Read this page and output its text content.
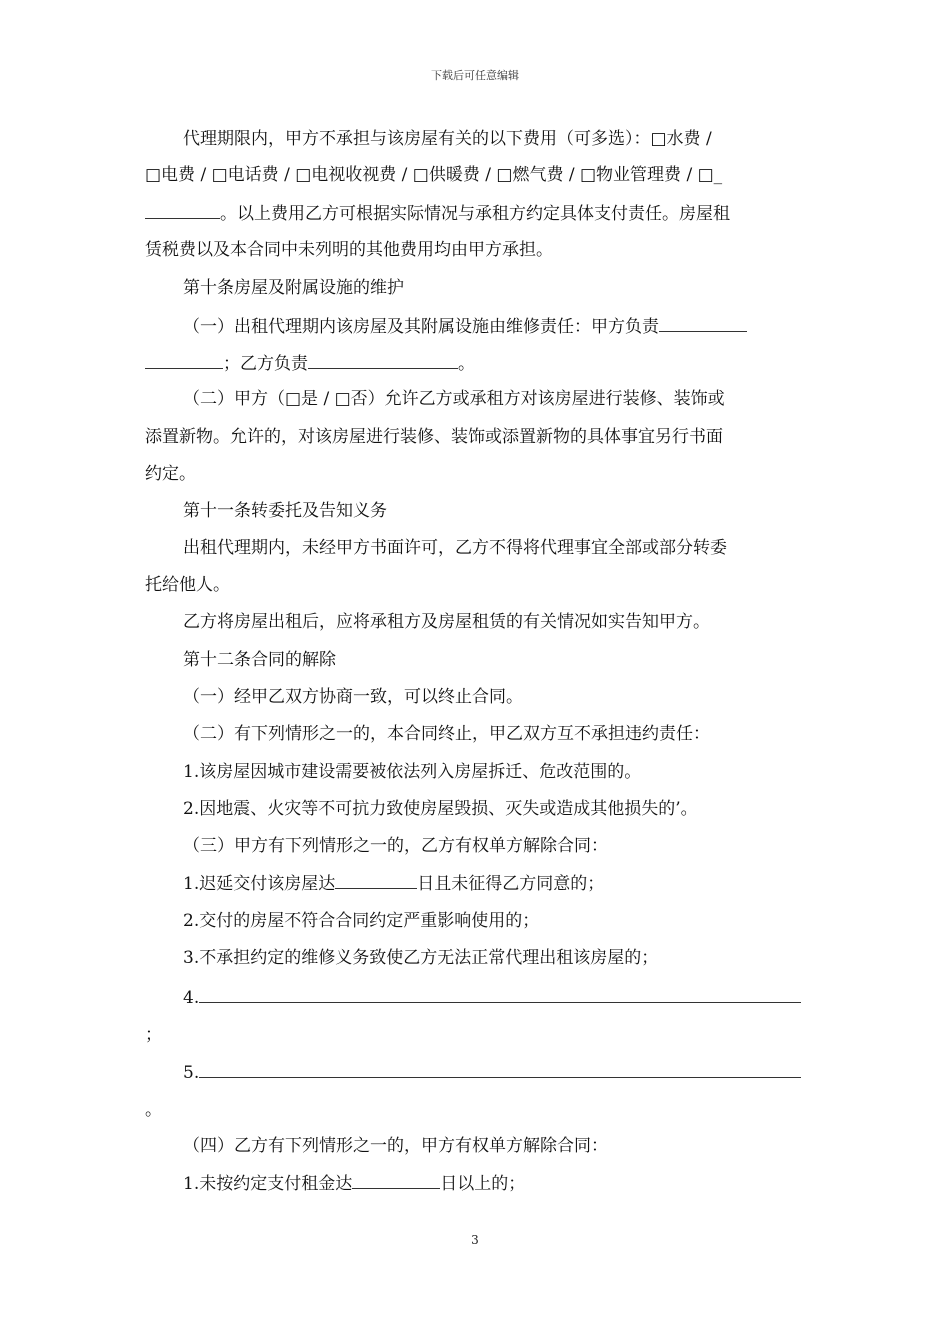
下载后可任意编辑
代理期限内，甲方不承担与该房屋有关的以下费用（可多选）：□水费 /
□电费 / □电话费 / □电视收视费 / □供暖费 / □燃气费 / □物业管理费 / □_
。以上费用乙方可根据实际情况与承租方约定具体支付责任。房屋租
赁税费以及本合同中未列明的其他费用均由甲方承担。
第十条房屋及附属设施的维护
（一）出租代理期内该房屋及其附属设施由维修责任：甲方负责
；乙方负责	。
（二）甲方（□是 / □否）允许乙方或承租方对该房屋进行装修、装饰或
添置新物。允许的，对该房屋进行装修、装饰或添置新物的具体事宜另行书面
约定。
第十一条转委托及告知义务
出租代理期内，未经甲方书面许可，乙方不得将代理事宜全部或部分转委
托给他人。
乙方将房屋出租后，应将承租方及房屋租赁的有关情况如实告知甲方。
第十二条合同的解除
（一）经甲乙双方协商一致，可以终止合同。
（二）有下列情形之一的，本合同终止，甲乙双方互不承担违约责任：
1.该房屋因城市建设需要被依法列入房屋拆迁、危改范围的。
2.因地震、火灾等不可抗力致使房屋毁损、灭失或造成其他损失的’。
（三）甲方有下列情形之一的，乙方有权单方解除合同：
1.迟延交付该房屋达	日且未征得乙方同意的；
2.交付的房屋不符合合同约定严重影响使用的；
3.不承担约定的维修义务致使乙方无法正常代理出租该房屋的；
4.
；
5.
。
（四）乙方有下列情形之一的，甲方有权单方解除合同：
1.未按约定支付租金达	日以上的；
3
